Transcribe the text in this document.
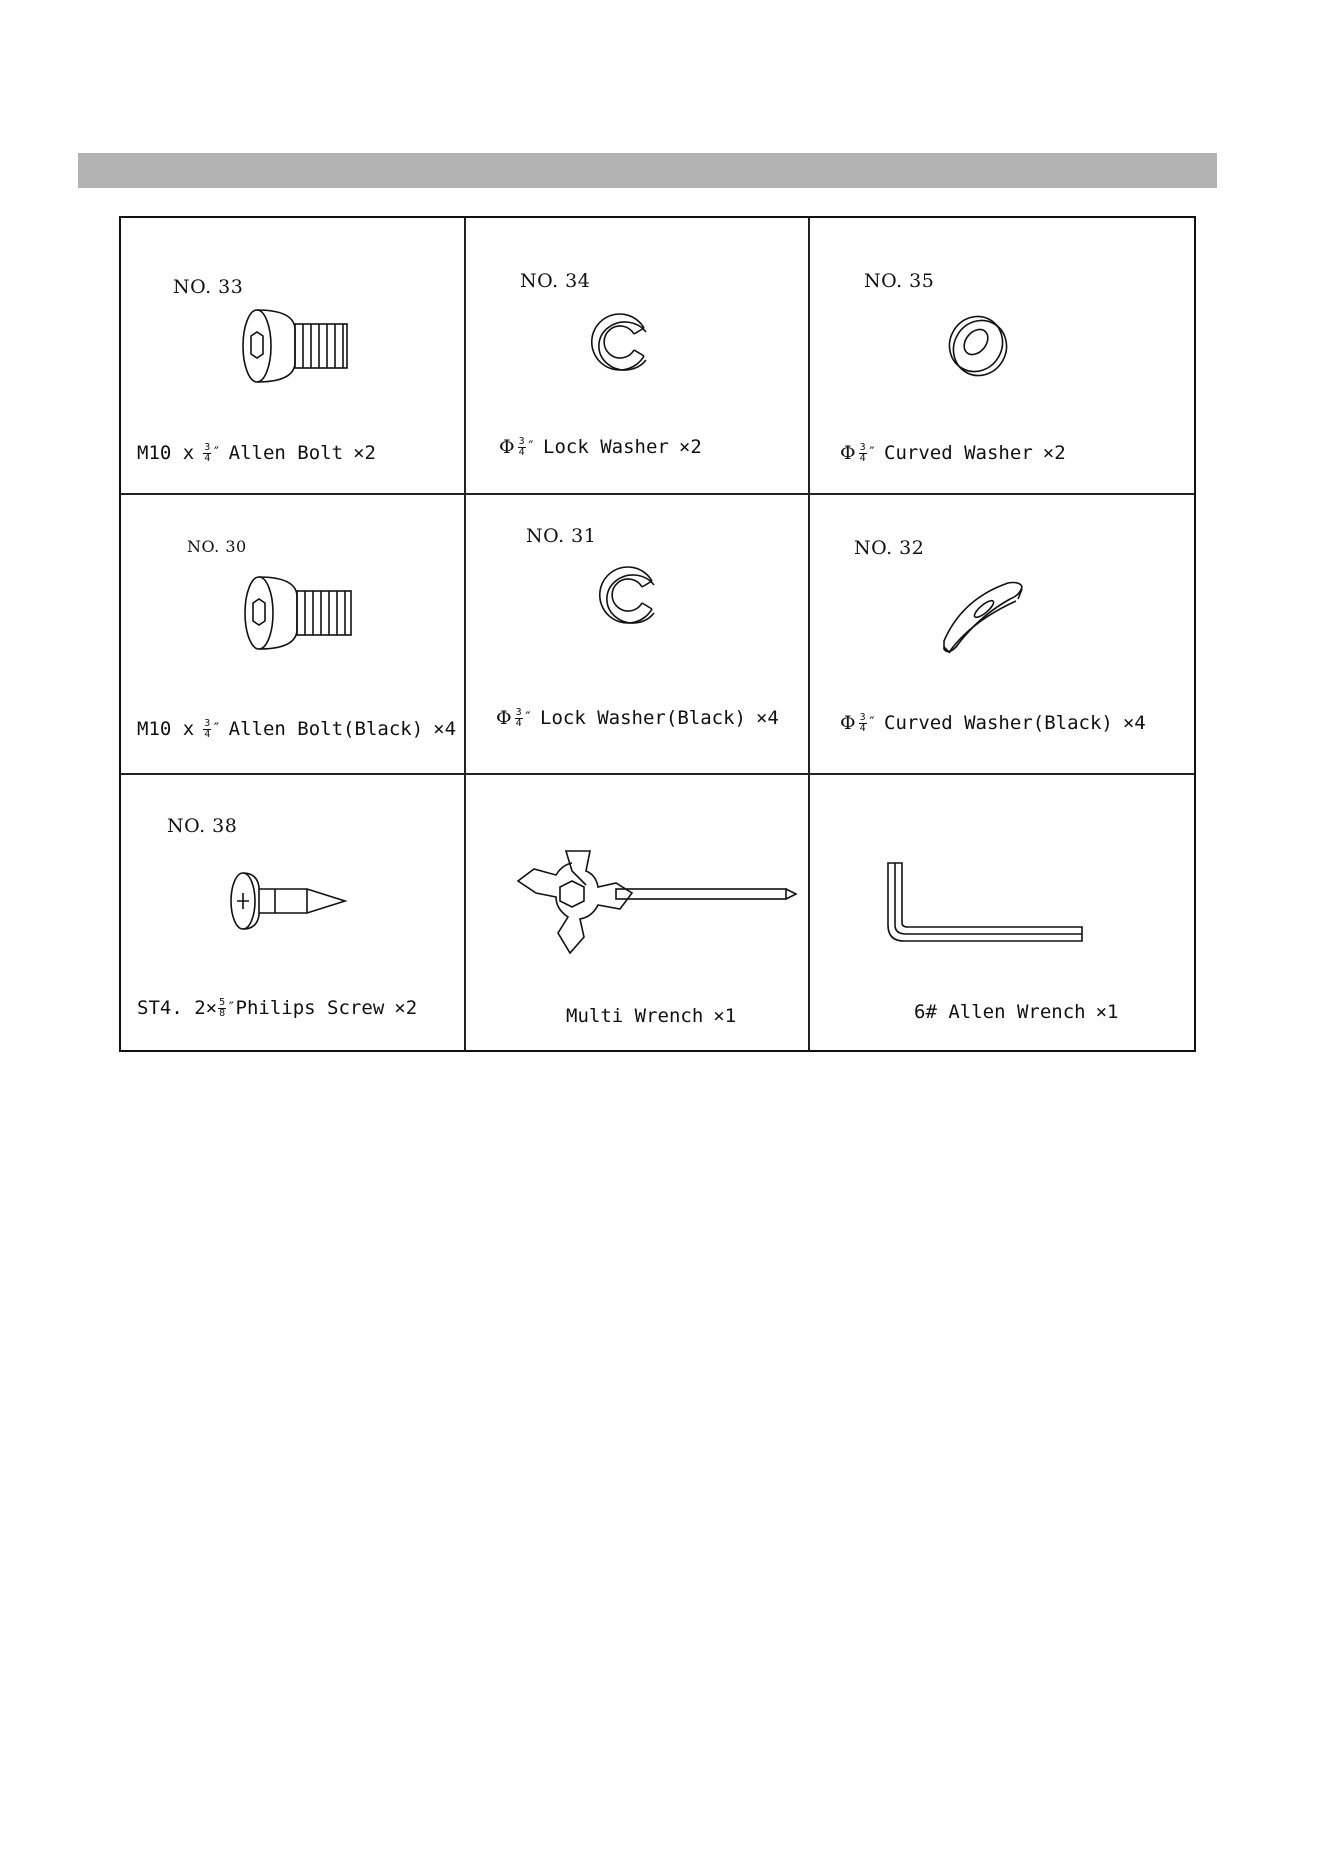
NO. 33
M10 x $\frac{3}{4}$ ″ Allen Bolt ×2
NO. 34
Φ $\frac{3}{4}$ ″ Lock Washer ×2
NO. 35
Φ $\frac{3}{4}$ ″ Curved Washer ×2
NO. 30
M10 x $\frac{3}{4}$ ″ Allen Bolt(Black) ×4
NO. 31
Φ $\frac{3}{4}$ ″ Lock Washer(Black) ×4
NO. 32
Φ $\frac{3}{4}$ ″ Curved Washer(Black) ×4
NO. 38
ST4. $2\times \frac{5}{8}$ ″ Philips Screw ×2	Multi Wrench ×1	6# Allen Wrench ×1
